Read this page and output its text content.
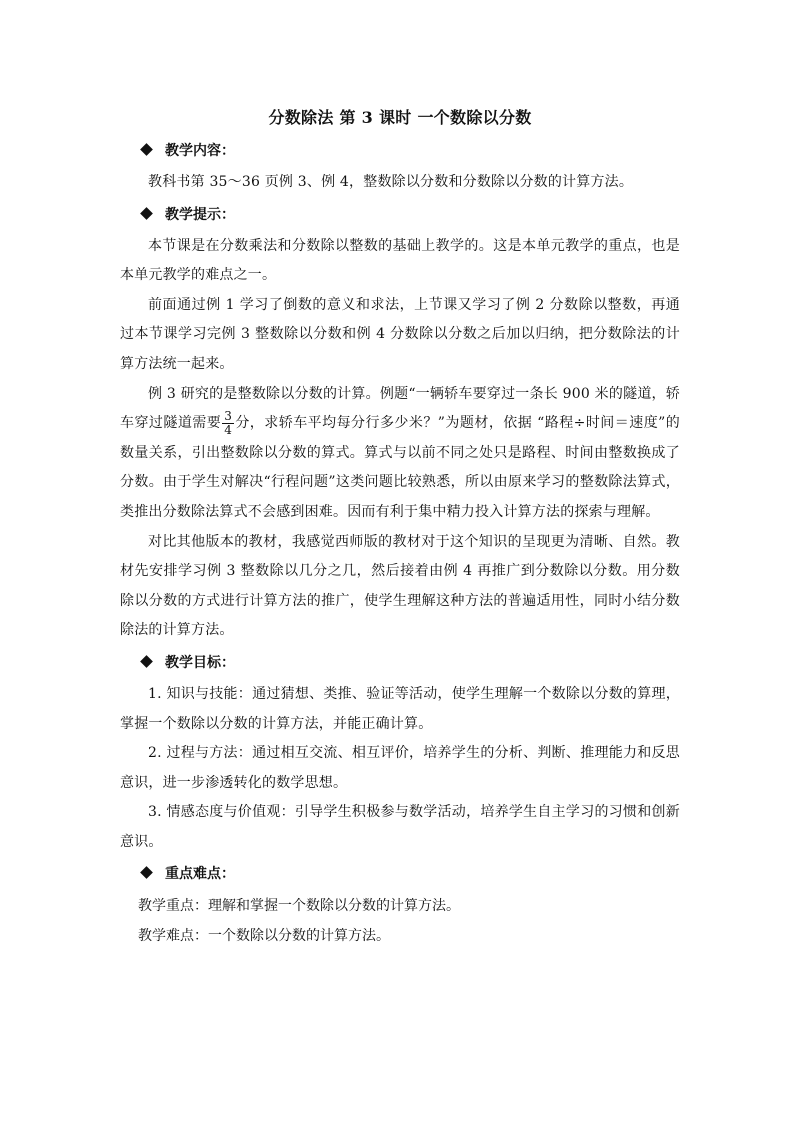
分数除法 第 3 课时 一个数除以分数
教学内容：

教科书第 35～36 页例 3、例 4，整数除以分数和分数除以分数的计算方法。

教学提示：

本节课是在分数乘法和分数除以整数的基础上教学的。这是本单元教学的重点，也是本单元教学的难点之一。

前面通过例 1 学习了倒数的意义和求法，上节课又学习了例 2 分数除以整数，再通过本节课学习完例 3 整数除以分数和例 4 分数除以分数之后加以归纳，把分数除法的计算方法统一起来。

例 3 研究的是整数除以分数的计算。例题“一辆轿车要穿过一条长 900 米的隧道，轿车穿过隧道需要 $\frac{3}{4}$ 分，求轿车平均每分行多少米？”为题材，依据 “路程÷时间＝速度”的数量关系，引出整数除以分数的算式。算式与以前不同之处只是路程、时间由整数换成了分数。由于学生对解决“行程问题”这类问题比较熟悉，所以由原来学习的整数除法算式，类推出分数除法算式不会感到困难。因而有利于集中精力投入计算方法的探索与理解。

对比其他版本的教材，我感觉西师版的教材对于这个知识的呈现更为清晰、自然。教材先安排学习例 3 整数除以几分之几，然后接着由例 4 再推广到分数除以分数。用分数除以分数的方式进行计算方法的推广，使学生理解这种方法的普遍适用性，同时小结分数除法的计算方法。

教学目标：

1. 知识与技能：通过猜想、类推、验证等活动，使学生理解一个数除以分数的算理，掌握一个数除以分数的计算方法，并能正确计算。

2. 过程与方法：通过相互交流、相互评价，培养学生的分析、判断、推理能力和反思意识，进一步渗透转化的数学思想。

3. 情感态度与价值观：引导学生积极参与数学活动，培养学生自主学习的习惯和创新意识。

重点难点：

教学重点：理解和掌握一个数除以分数的计算方法。

教学难点：一个数除以分数的计算方法。
